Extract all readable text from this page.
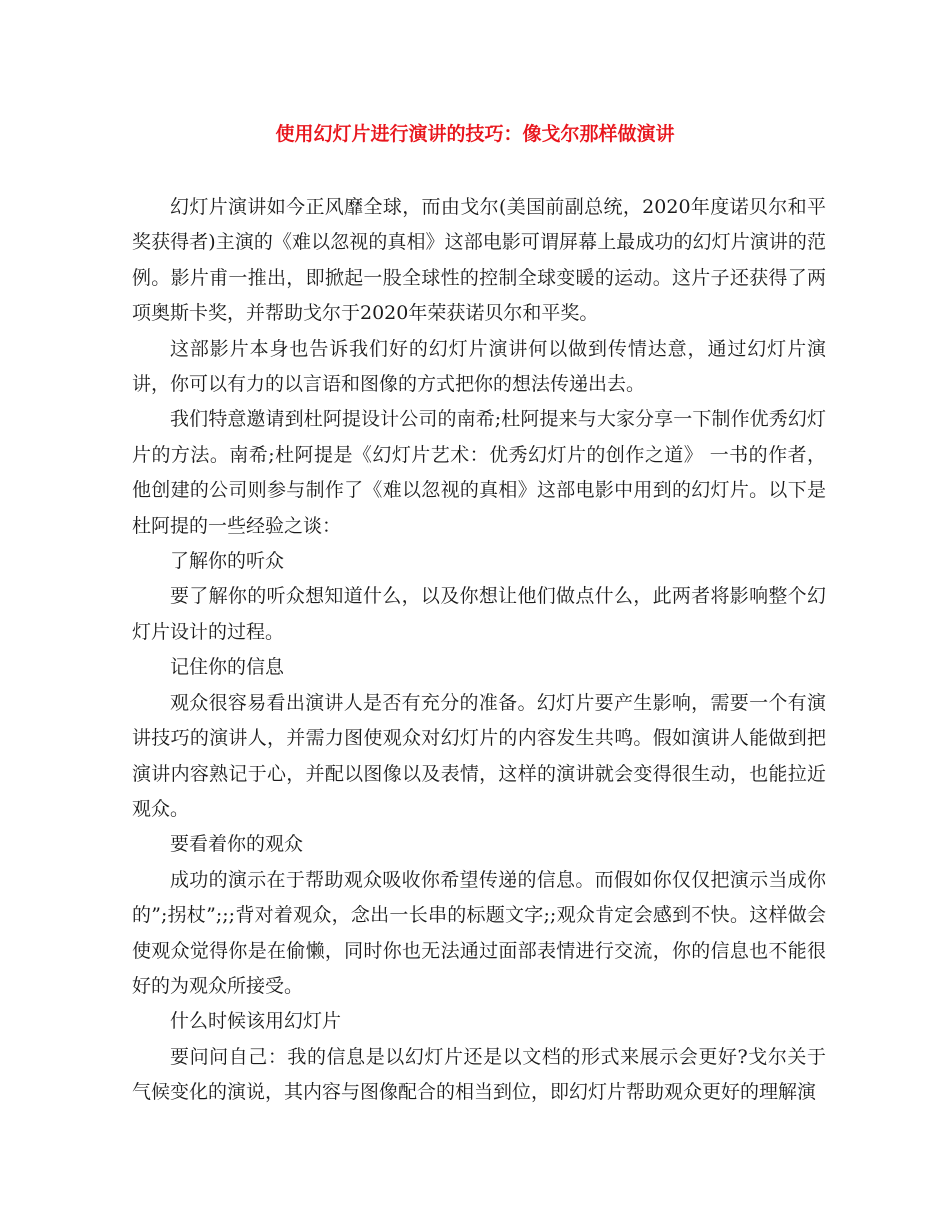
使用幻灯片进行演讲的技巧：像戈尔那样做演讲

幻灯片演讲如今正风靡全球，而由戈尔(美国前副总统，2020年度诺贝尔和平奖获得者)主演的《难以忽视的真相》这部电影可谓屏幕上最成功的幻灯片演讲的范例。影片甫一推出，即掀起一股全球性的控制全球变暖的运动。这片子还获得了两项奥斯卡奖，并帮助戈尔于2020年荣获诺贝尔和平奖。

这部影片本身也告诉我们好的幻灯片演讲何以做到传情达意，通过幻灯片演讲，你可以有力的以言语和图像的方式把你的想法传递出去。

我们特意邀请到杜阿提设计公司的南希;杜阿提来与大家分享一下制作优秀幻灯片的方法。南希;杜阿提是《幻灯片艺术：优秀幻灯片的创作之道》 一书的作者，他创建的公司则参与制作了《难以忽视的真相》这部电影中用到的幻灯片。以下是杜阿提的一些经验之谈：

了解你的听众

要了解你的听众想知道什么，以及你想让他们做点什么，此两者将影响整个幻灯片设计的过程。

记住你的信息

观众很容易看出演讲人是否有充分的准备。幻灯片要产生影响，需要一个有演讲技巧的演讲人，并需力图使观众对幻灯片的内容发生共鸣。假如演讲人能做到把演讲内容熟记于心，并配以图像以及表情，这样的演讲就会变得很生动，也能拉近观众。

要看着你的观众

成功的演示在于帮助观众吸收你希望传递的信息。而假如你仅仅把演示当成你的”;拐杖”;;;背对着观众，念出一长串的标题文字;;观众肯定会感到不快。这样做会使观众觉得你是在偷懒，同时你也无法通过面部表情进行交流，你的信息也不能很好的为观众所接受。

什么时候该用幻灯片

要问问自己：我的信息是以幻灯片还是以文档的形式来展示会更好?戈尔关于气候变化的演说，其内容与图像配合的相当到位，即幻灯片帮助观众更好的理解演
